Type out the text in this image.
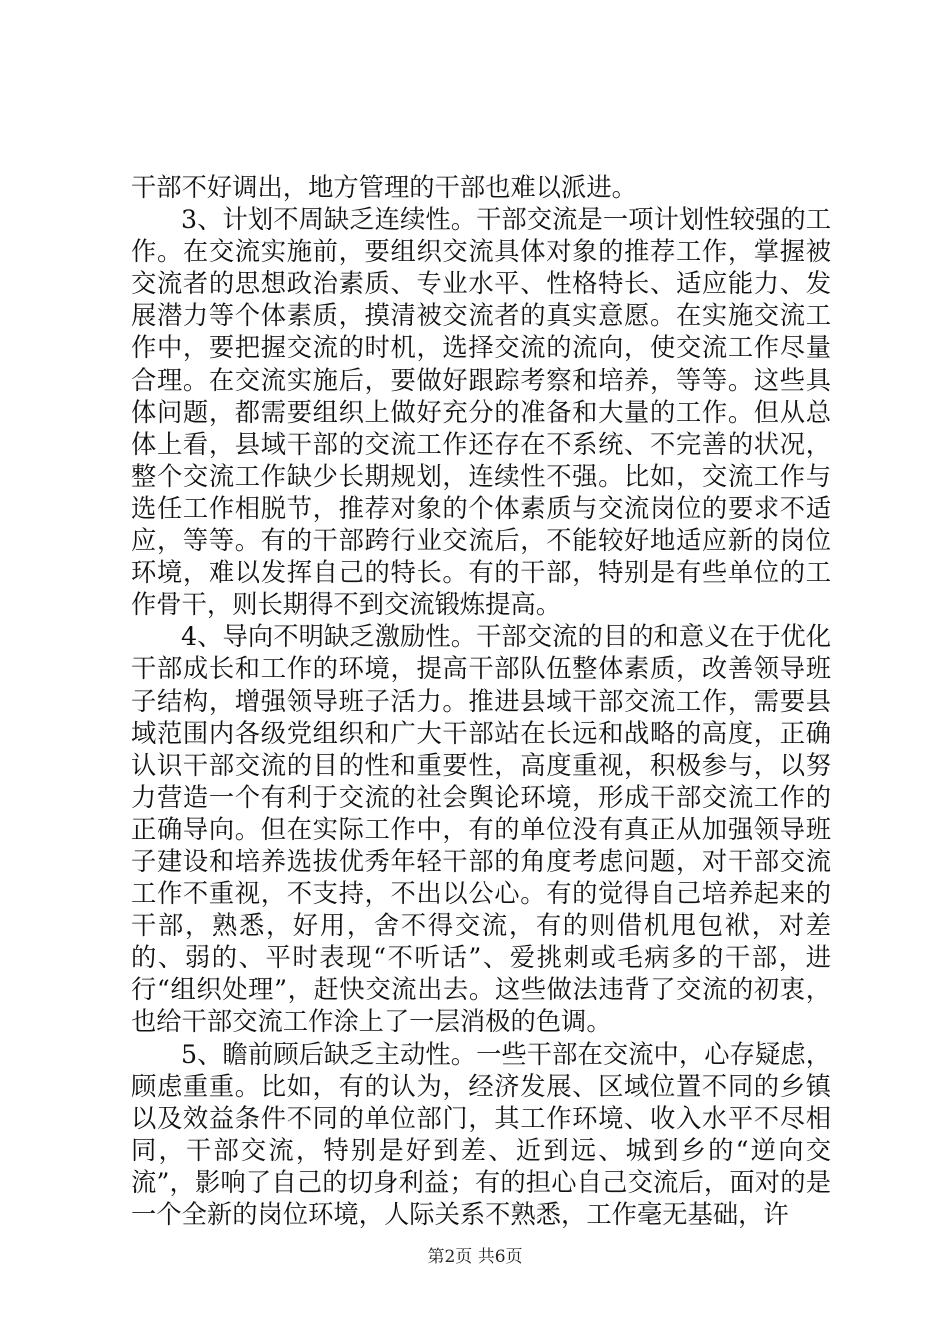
干部不好调出，地方管理的干部也难以派进。

3、计划不周缺乏连续性。干部交流是一项计划性较强的工作。在交流实施前，要组织交流具体对象的推荐工作，掌握被交流者的思想政治素质、专业水平、性格特长、适应能力、发展潜力等个体素质，摸清被交流者的真实意愿。在实施交流工作中，要把握交流的时机，选择交流的流向，使交流工作尽量合理。在交流实施后，要做好跟踪考察和培养，等等。这些具体问题，都需要组织上做好充分的准备和大量的工作。但从总体上看，县域干部的交流工作还存在不系统、不完善的状况，整个交流工作缺少长期规划，连续性不强。比如，交流工作与选任工作相脱节，推荐对象的个体素质与交流岗位的要求不适应，等等。有的干部跨行业交流后，不能较好地适应新的岗位环境，难以发挥自己的特长。有的干部，特别是有些单位的工作骨干，则长期得不到交流锻炼提高。

4、导向不明缺乏激励性。干部交流的目的和意义在于优化干部成长和工作的环境，提高干部队伍整体素质，改善领导班子结构，增强领导班子活力。推进县域干部交流工作，需要县域范围内各级党组织和广大干部站在长远和战略的高度，正确认识干部交流的目的性和重要性，高度重视，积极参与，以努力营造一个有利于交流的社会舆论环境，形成干部交流工作的正确导向。但在实际工作中，有的单位没有真正从加强领导班子建设和培养选拔优秀年轻干部的角度考虑问题，对干部交流工作不重视，不支持，不出以公心。有的觉得自己培养起来的干部，熟悉，好用，舍不得交流，有的则借机甩包袱，对差的、弱的、平时表现“不听话”、爱挑刺或毛病多的干部，进行“组织处理”，赶快交流出去。这些做法违背了交流的初衷，也给干部交流工作涂上了一层消极的色调。

5、瞻前顾后缺乏主动性。一些干部在交流中，心存疑虑，顾虑重重。比如，有的认为，经济发展、区域位置不同的乡镇以及效益条件不同的单位部门，其工作环境、收入水平不尽相同，干部交流，特别是好到差、近到远、城到乡的“逆向交流”，影响了自己的切身利益；有的担心自己交流后，面对的是一个全新的岗位环境，人际关系不熟悉，工作毫无基础，许

第2页 共6页
